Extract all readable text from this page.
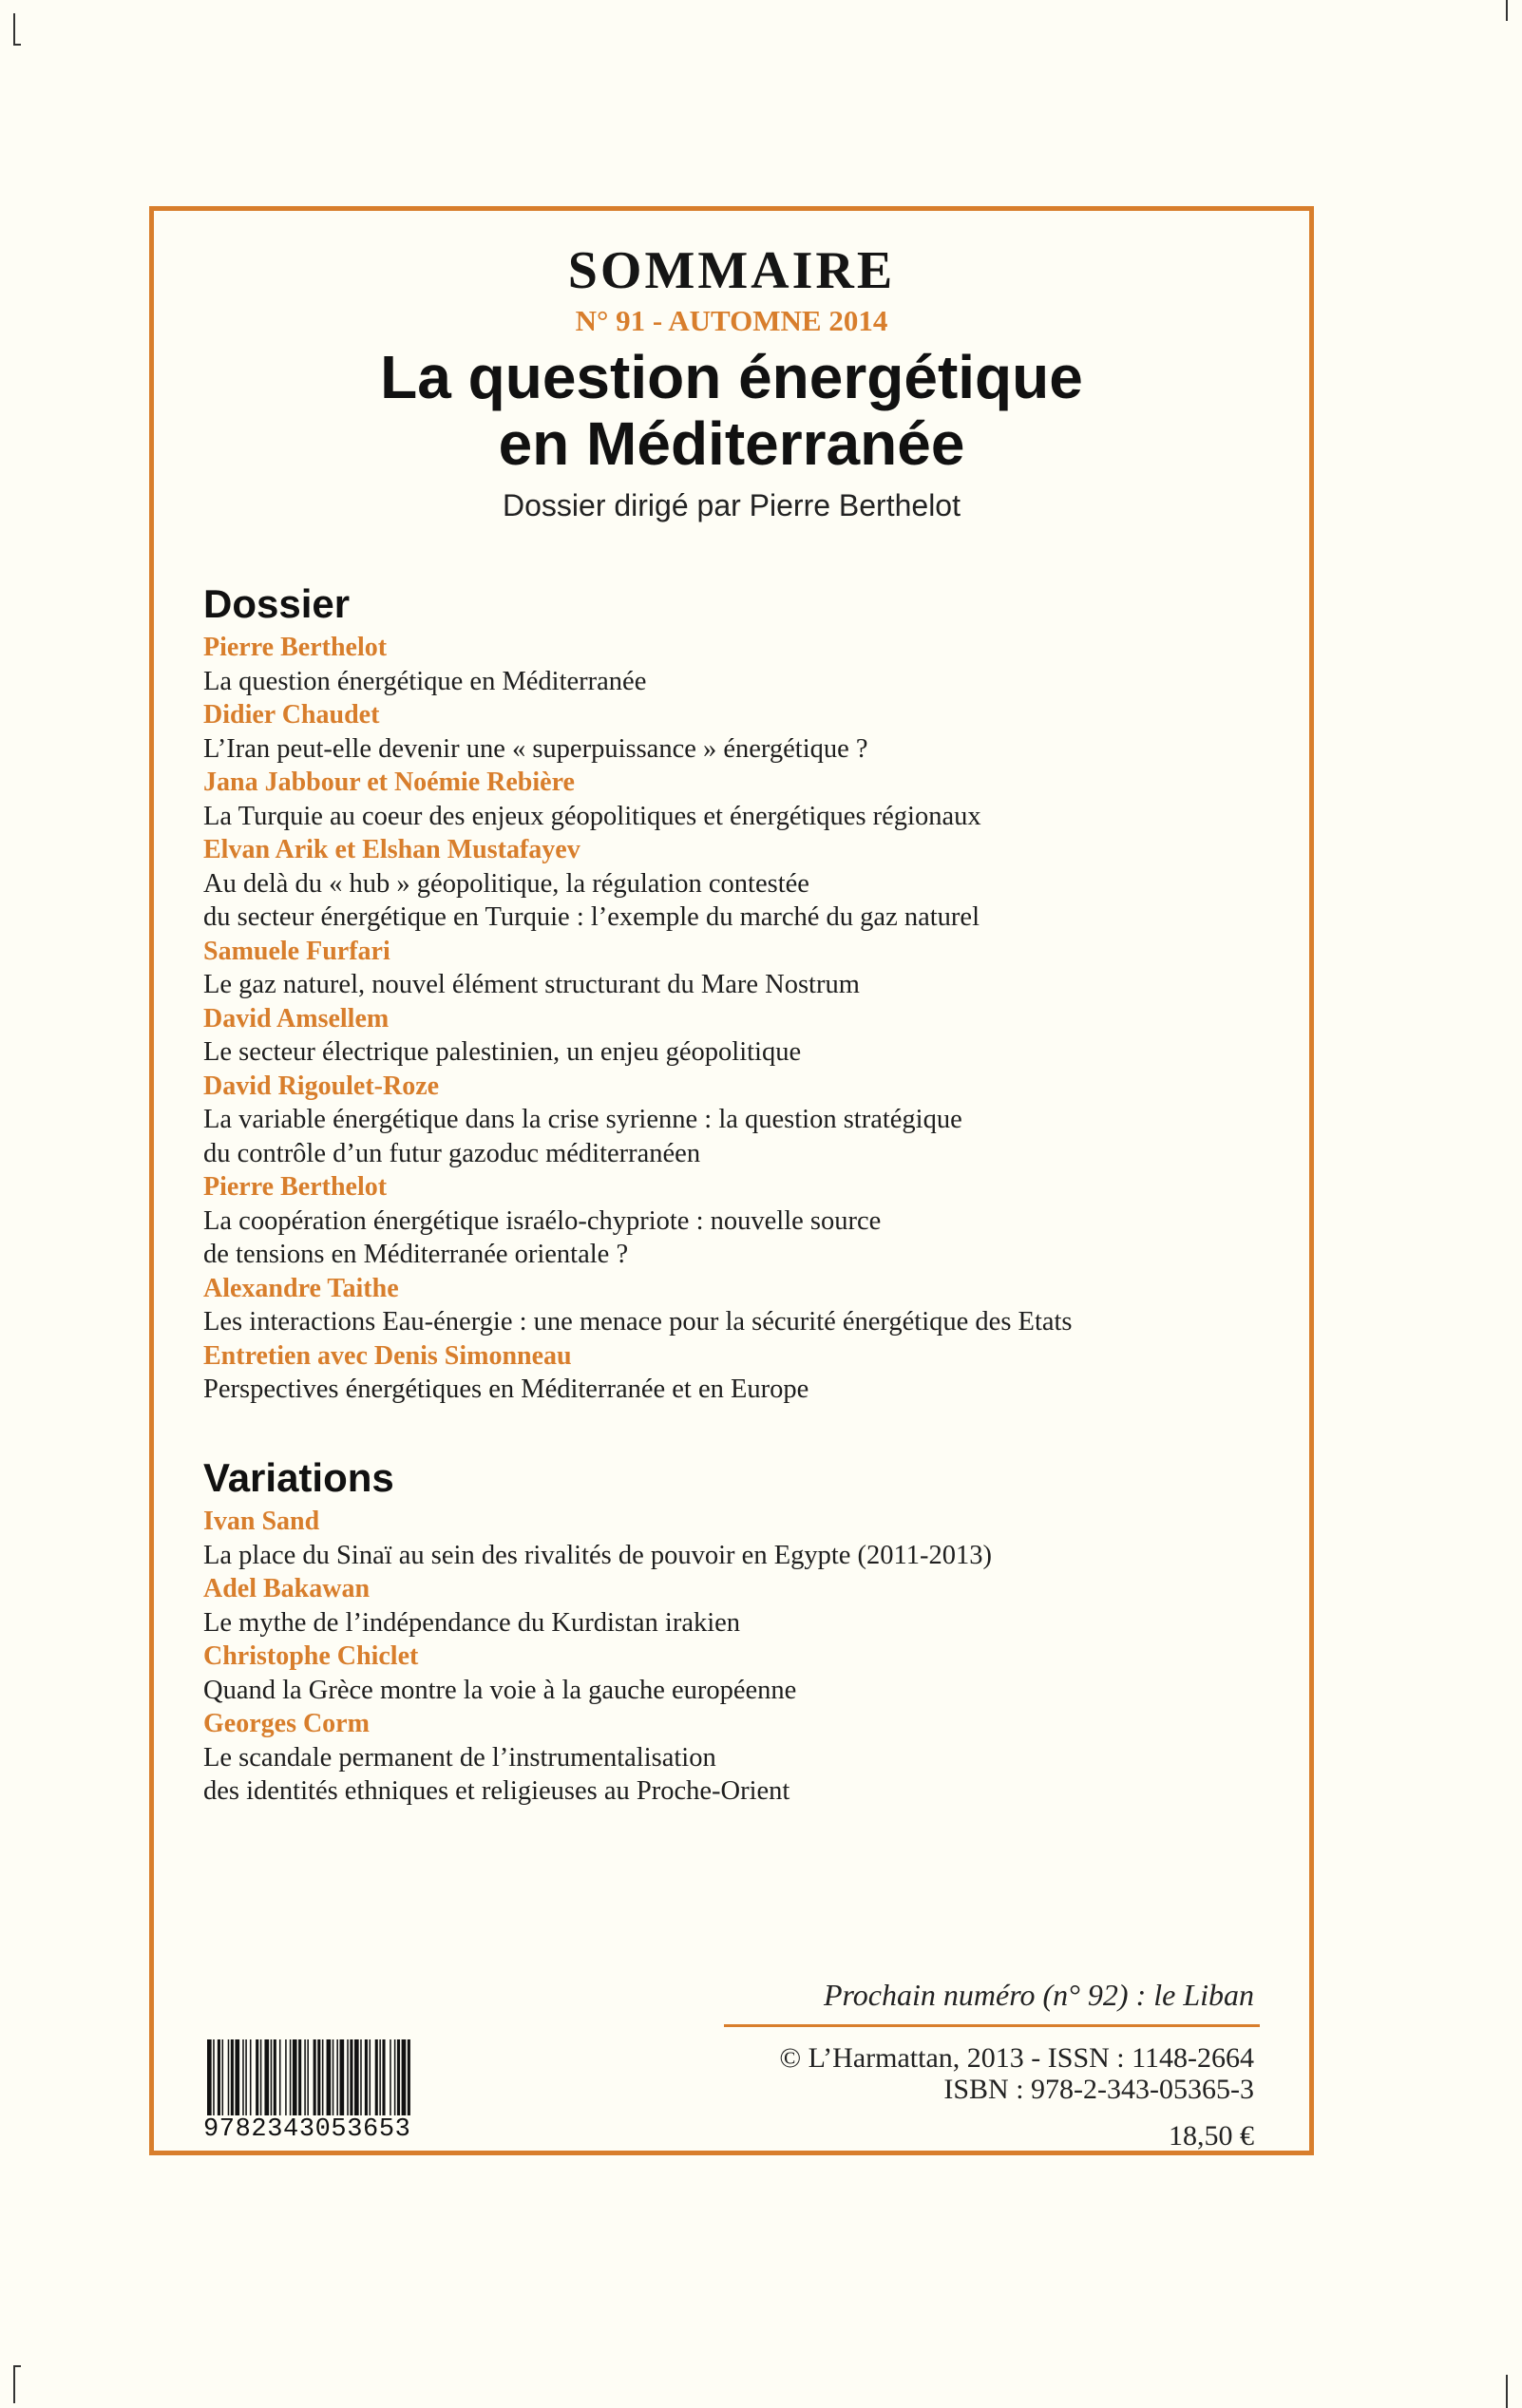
SOMMAIRE
N° 91 - AUTOMNE 2014
La question énergétique
en Méditerranée
Dossier dirigé par Pierre Berthelot
Dossier
Pierre Berthelot
La question énergétique en Méditerranée
Didier Chaudet
L’Iran peut-elle devenir une « superpuissance » énergétique ?
Jana Jabbour et Noémie Rebière
La Turquie au coeur des enjeux géopolitiques et énergétiques régionaux
Elvan Arik et Elshan Mustafayev
Au delà du « hub » géopolitique, la régulation contestée
du secteur énergétique en Turquie : l’exemple du marché du gaz naturel
Samuele Furfari
Le gaz naturel, nouvel élément structurant du Mare Nostrum
David Amsellem
Le secteur électrique palestinien, un enjeu géopolitique
David Rigoulet-Roze
La variable énergétique dans la crise syrienne : la question stratégique
du contrôle d’un futur gazoduc méditerranéen
Pierre Berthelot
La coopération énergétique israélo-chypriote : nouvelle source
de tensions en Méditerranée orientale ?
Alexandre Taithe
Les interactions Eau-énergie : une menace pour la sécurité énergétique des Etats
Entretien avec Denis Simonneau
Perspectives énergétiques en Méditerranée et en Europe
Variations
Ivan Sand
La place du Sinaï au sein des rivalités de pouvoir en Egypte (2011-2013)
Adel Bakawan
Le mythe de l’indépendance du Kurdistan irakien
Christophe Chiclet
Quand la Grèce montre la voie à la gauche européenne
Georges Corm
Le scandale permanent de l’instrumentalisation
des identités ethniques et religieuses au Proche-Orient
Prochain numéro (n° 92) : le Liban
9782343053653
© L’Harmattan, 2013 - ISSN : 1148-2664
ISBN : 978-2-343-05365-3
18,50 €
